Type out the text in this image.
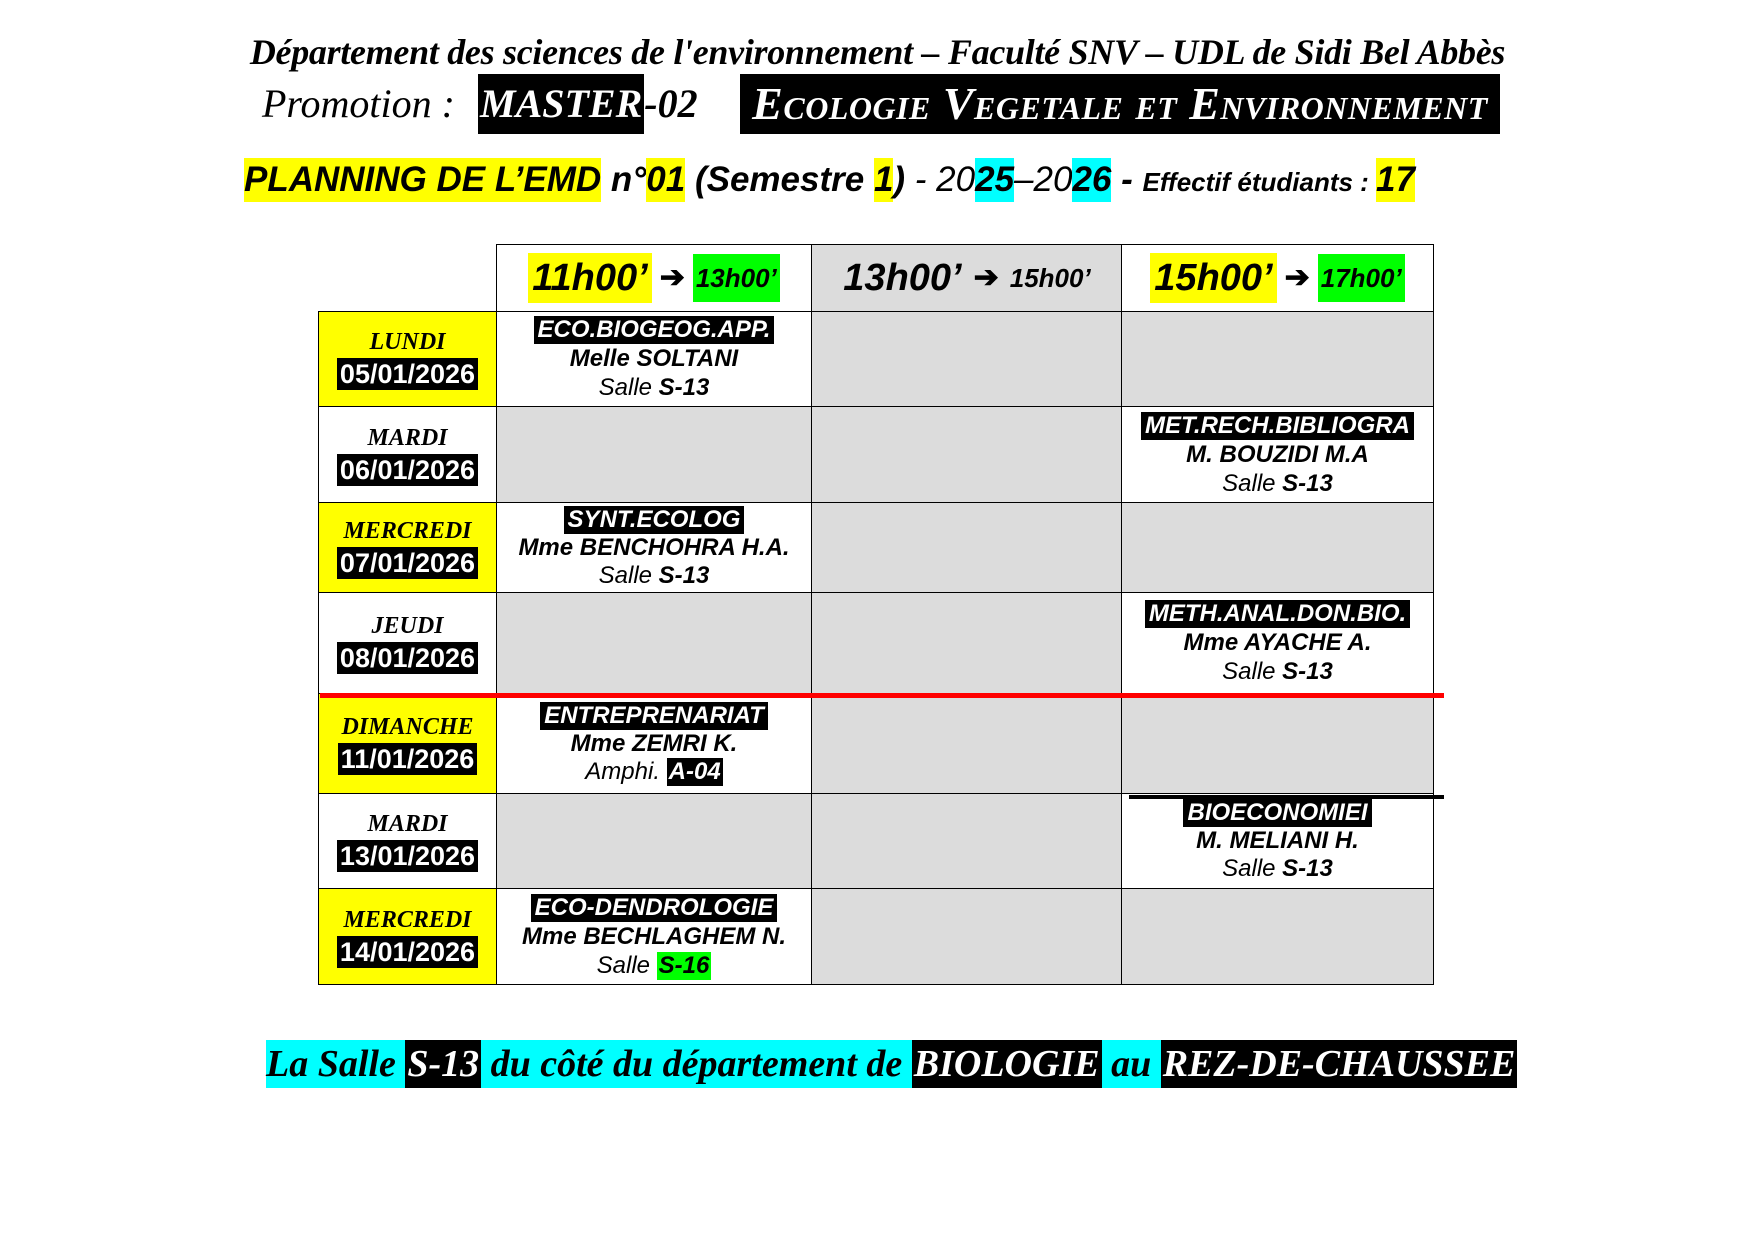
Département des sciences de l'environnement – Faculté SNV – UDL de Sidi Bel Abbès
Promotion : MASTER-02 Ecologie Vegetale et Environnement
PLANNING DE L’EMD n°01 (Semestre 1) - 2025–2026 - Effectif étudiants : 17

	11h00’ ➔ 13h00’	13h00’ ➔ 15h00’	15h00’ ➔ 17h00’

LUNDI
05/01/2026	ECO.BIOGEOG.APP.
Melle SOLTANI
Salle S-13		

MARDI
06/01/2026			MET.RECH.BIBLIOGRA
M. BOUZIDI M.A
Salle S-13

MERCREDI
07/01/2026	SYNT.ECOLOG
Mme BENCHOHRA H.A.
Salle S-13		

JEUDI
08/01/2026			METH.ANAL.DON.BIO.
Mme AYACHE A.
Salle S-13

DIMANCHE
11/01/2026	ENTREPRENARIAT
Mme ZEMRI K.
Amphi. A-04		

MARDI
13/01/2026			BIOECONOMIEI
M. MELIANI H.
Salle S-13

MERCREDI
14/01/2026	ECO-DENDROLOGIE
Mme BECHLAGHEM N.
Salle S-16		

La Salle S-13 du côté du département de BIOLOGIE au REZ-DE-CHAUSSEE
